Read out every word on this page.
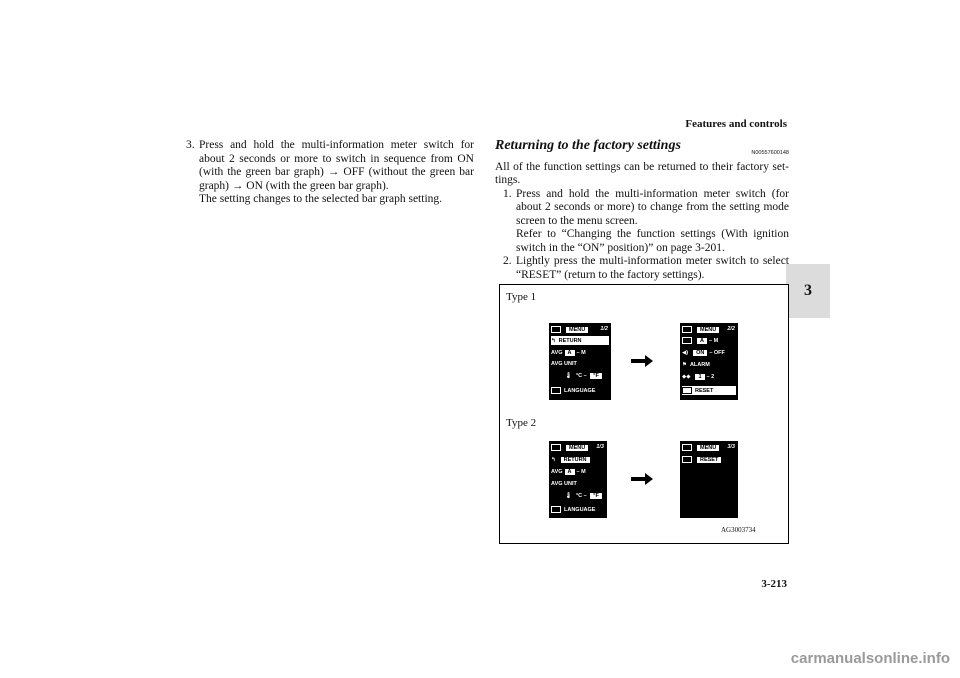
Features and controls
3
3-213
carmanualsonline.info

3. Press and hold the multi-information meter switch for about 2 seconds or more to switch in sequence from ON (with the green bar graph) → OFF (without the green bar graph) → ON (with the green bar graph).
The setting changes to the selected bar graph setting.

Returning to the factory settings	N00557600148

All of the function settings can be returned to their factory set-tings.

1. Press and hold the multi-information meter switch (for about 2 seconds or more) to change from the setting mode screen to the menu screen.
Refer to “Changing the function settings (With ignition switch in the “ON” position)” on page 3-201.

2. Lightly press the multi-information meter switch to select “RESET” (return to the factory settings).

Type 1
Type 2
AG3003734
MENU	1/2
↰ RETURN
AVG A –
M
AVG UNIT
🌡 °C – °F
LANGUAGE
MENU	2/2
A – M
◀)	ON – OFF
⚑ ALARM
◆◆	1 – 2
RESET
MENU	1/3
↰	RETURN
AVG A – M
AVG
UNIT
🌡 °C – °F
LANGUAGE
MENU	3/3
RESET
